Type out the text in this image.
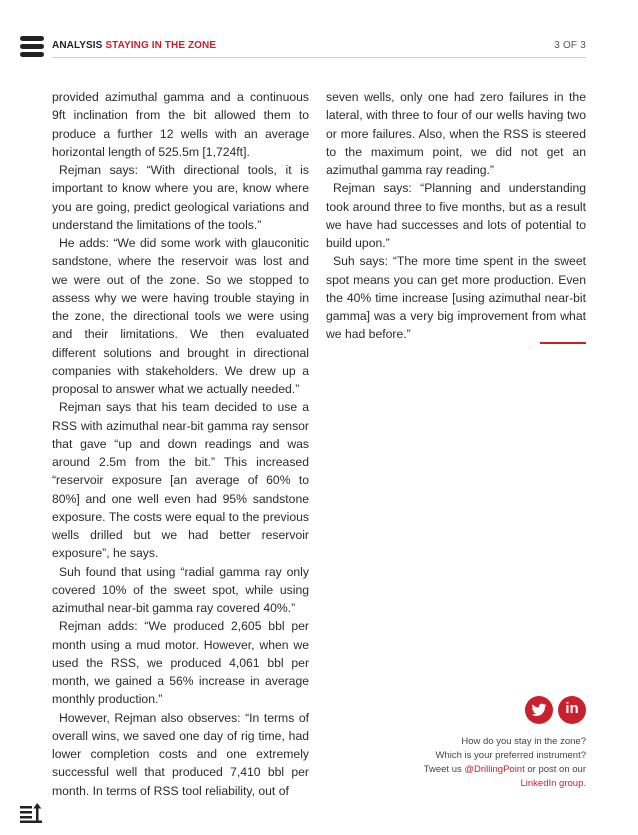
ANALYSIS STAYING IN THE ZONE	3 OF 3

provided azimuthal gamma and a continuous 9ft inclination from the bit allowed them to produce a further 12 wells with an average horizontal length of 525.5m [1,724ft].

Rejman says: “With directional tools, it is important to know where you are, know where you are going, predict geological variations and understand the limitations of the tools.”

He adds: “We did some work with glauconitic sandstone, where the reservoir was lost and we were out of the zone. So we stopped to assess why we were having trouble staying in the zone, the directional tools we were using and their limitations. We then evaluated different solutions and brought in directional companies with stakeholders. We drew up a proposal to answer what we actually needed.”

Rejman says that his team decided to use a RSS with azimuthal near-bit gamma ray sensor that gave “up and down readings and was around 2.5m from the bit.” This increased “reservoir exposure [an average of 60% to 80%] and one well even had 95% sandstone exposure. The costs were equal to the previous wells drilled but we had better reservoir exposure”, he says.

Suh found that using “radial gamma ray only covered 10% of the sweet spot, while using azimuthal near-bit gamma ray covered 40%.”

Rejman adds: “We produced 2,605 bbl per month using a mud motor. However, when we used the RSS, we produced 4,061 bbl per month, we gained a 56% increase in average monthly production.”

However, Rejman also observes: “In terms of overall wins, we saved one day of rig time, had lower completion costs and one extremely successful well that produced 7,410 bbl per month. In terms of RSS tool reliability, out of

seven wells, only one had zero failures in the lateral, with three to four of our wells having two or more failures. Also, when the RSS is steered to the maximum point, we did not get an azimuthal gamma ray reading.”

Rejman says: “Planning and understanding took around three to five months, but as a result we have had successes and lots of potential to build upon.”

Suh says: “The more time spent in the sweet spot means you can get more production. Even the 40% time increase [using azimuthal near-bit gamma] was a very big improvement from what we had before.”

in
How do you stay in the zone?
Which is your preferred instrument?
Tweet us @DrillingPoint or post on our
LinkedIn group.
